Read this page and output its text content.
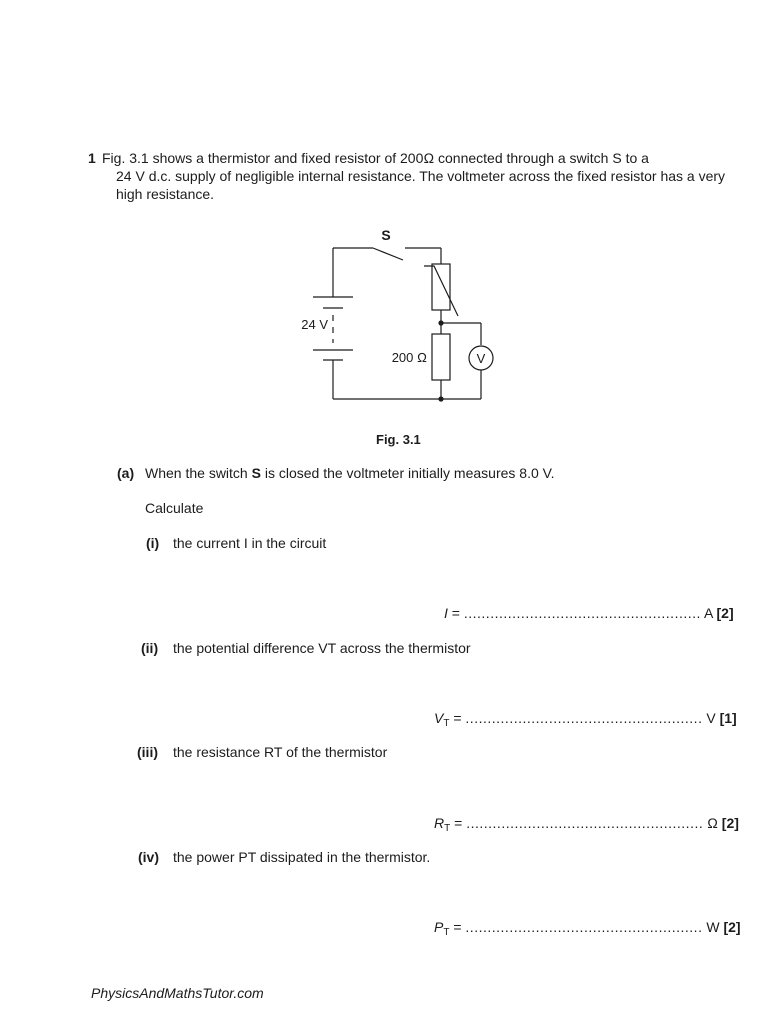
1 Fig. 3.1 shows a thermistor and fixed resistor of 200Ω connected through a switch S to a
24 V d.c. supply of negligible internal resistance. The voltmeter across the fixed resistor has a very
high resistance.
S
24 V
200 Ω	V
Fig. 3.1
(a) When the switch S is closed the voltmeter initially measures 8.0 V.
Calculate
(i) the current I in the circuit
I = ...................................................... A [2]
(ii) the potential difference VT across the thermistor
$V_T$ = ...................................................... V [1]
(iii) the resistance RT of the thermistor
$R_T$ = ...................................................... Ω [2]
(iv) the power PT dissipated in the thermistor.
$P_T$ = ...................................................... W [2]
PhysicsAndMathsTutor.com
